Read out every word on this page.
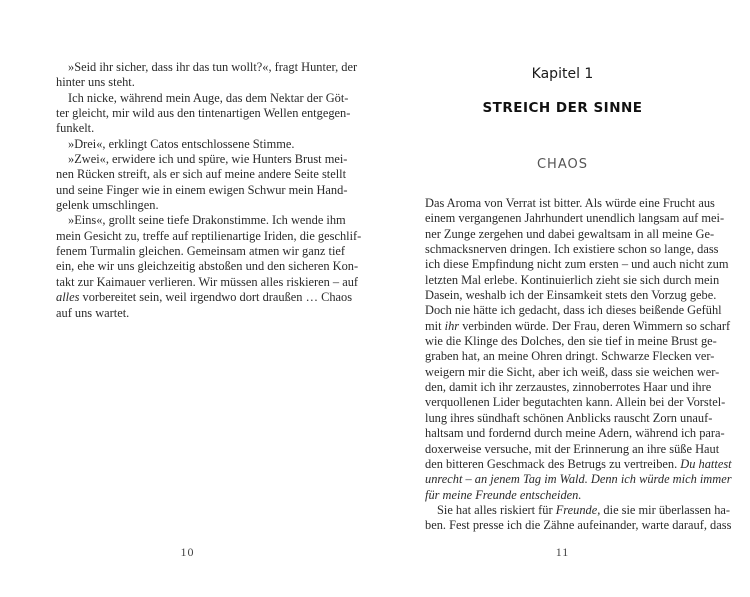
»Seid ihr sicher, dass ihr das tun wollt?«, fragt Hunter, der
hinter uns steht.
Ich nicke, während mein Auge, das dem Nektar der Göt-
ter gleicht, mir wild aus den tintenartigen Wellen entgegen-
funkelt.
»Drei«, erklingt Catos entschlossene Stimme.
»Zwei«, erwidere ich und spüre, wie Hunters Brust mei-
nen Rücken streift, als er sich auf meine andere Seite stellt
und seine Finger wie in einem ewigen Schwur mein Hand-
gelenk umschlingen.
»Eins«, grollt seine tiefe Drakonstimme. Ich wende ihm
mein Gesicht zu, treffe auf reptilienartige Iriden, die geschlif-
fenem Turmalin gleichen. Gemeinsam atmen wir ganz tief
ein, ehe wir uns gleichzeitig abstoßen und den sicheren Kon-
takt zur Kaimauer verlieren. Wir müssen alles riskieren – auf
alles vorbereitet sein, weil irgendwo dort draußen … Chaos
auf uns wartet.
10
Kapitel 1
STREICH DER SINNE
CHAOS
Das Aroma von Verrat ist bitter. Als würde eine Frucht aus
einem vergangenen Jahrhundert unendlich langsam auf mei-
ner Zunge zergehen und dabei gewaltsam in all meine Ge-
schmacksnerven dringen. Ich existiere schon so lange, dass
ich diese Empfindung nicht zum ersten – und auch nicht zum
letzten Mal erlebe. Kontinuierlich zieht sie sich durch mein
Dasein, weshalb ich der Einsamkeit stets den Vorzug gebe.
Doch nie hätte ich gedacht, dass ich dieses beißende Gefühl
mit ihr verbinden würde. Der Frau, deren Wimmern so scharf
wie die Klinge des Dolches, den sie tief in meine Brust ge-
graben hat, an meine Ohren dringt. Schwarze Flecken ver-
weigern mir die Sicht, aber ich weiß, dass sie weichen wer-
den, damit ich ihr zerzaustes, zinnoberrotes Haar und ihre
verquollenen Lider begutachten kann. Allein bei der Vorstel-
lung ihres sündhaft schönen Anblicks rauscht Zorn unauf-
haltsam und fordernd durch meine Adern, während ich para-
doxerweise versuche, mit der Erinnerung an ihre süße Haut
den bitteren Geschmack des Betrugs zu vertreiben. Du hattest
unrecht – an jenem Tag im Wald. Denn ich würde mich immer
für meine Freunde entscheiden.
Sie hat alles riskiert für Freunde, die sie mir überlassen ha-
ben. Fest presse ich die Zähne aufeinander, warte darauf, dass
11
